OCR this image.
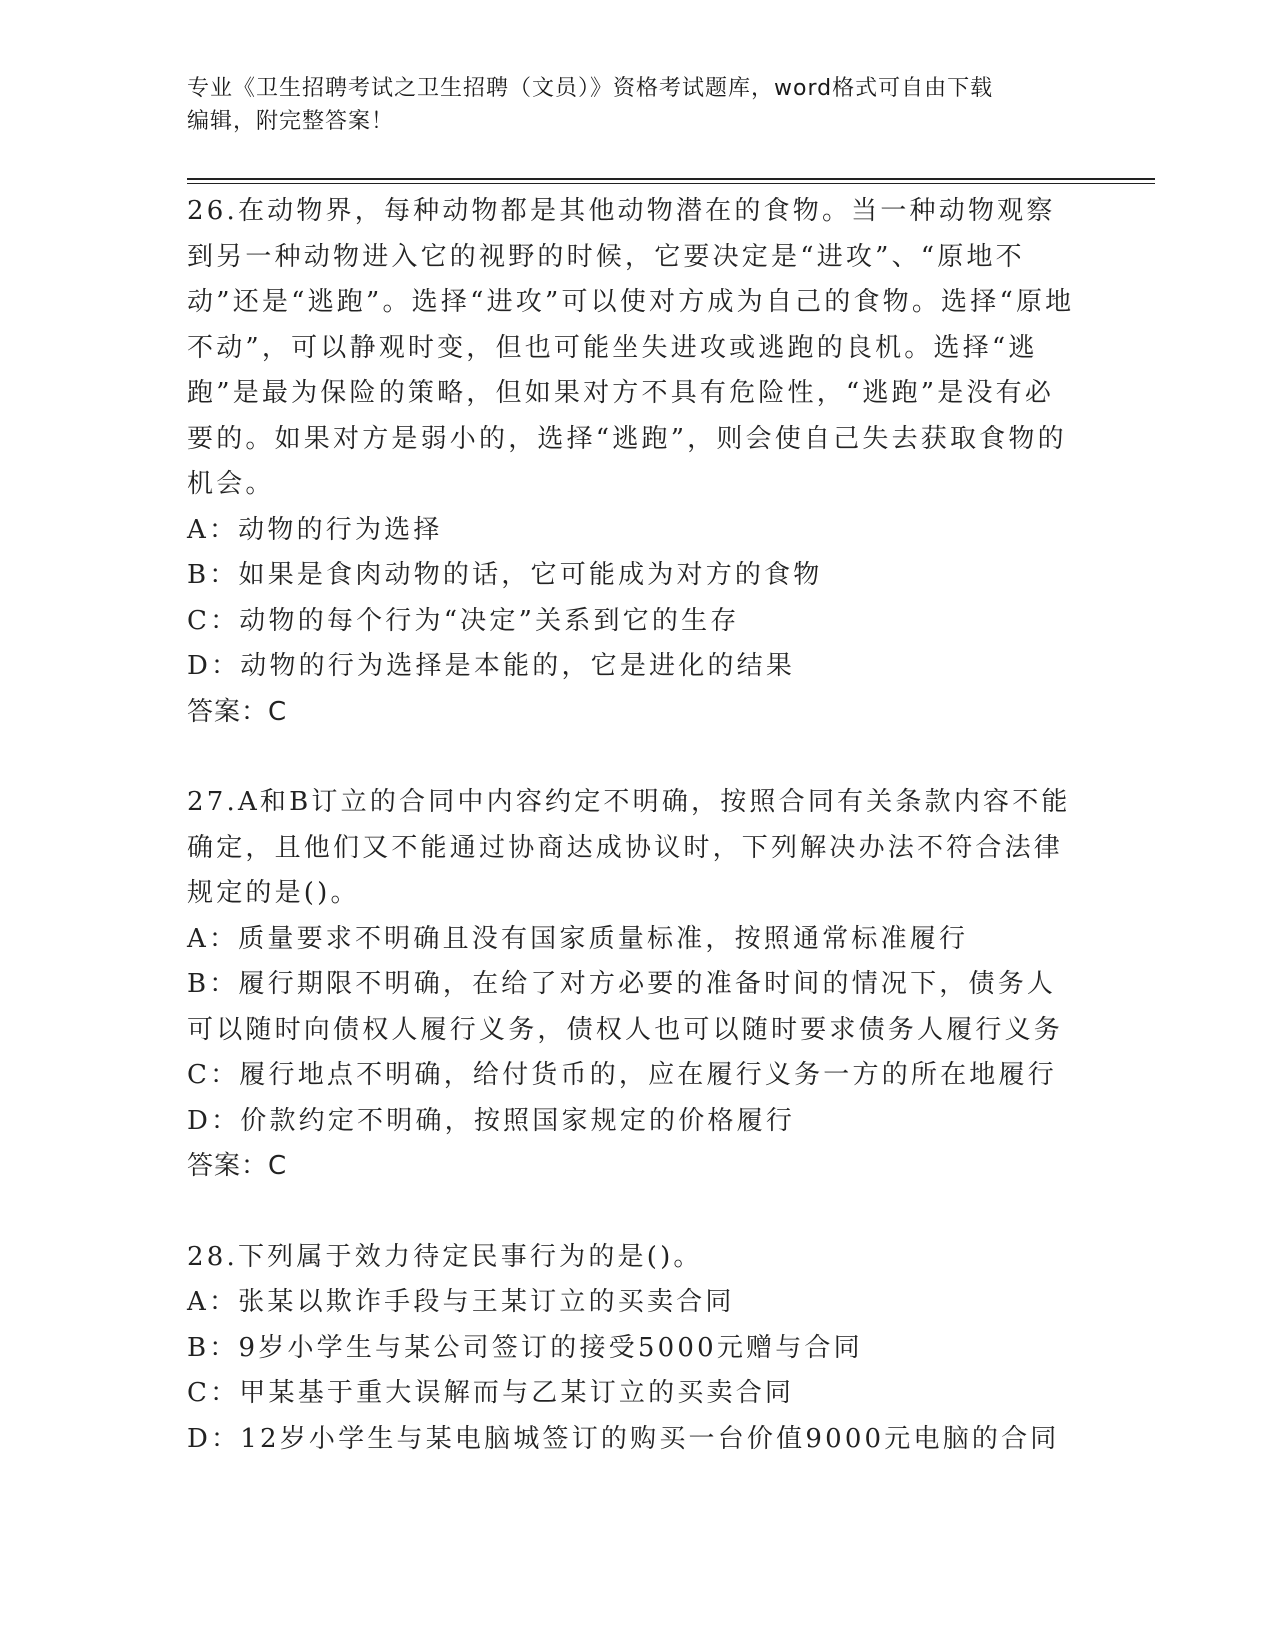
专业《卫生招聘考试之卫生招聘（文员）》资格考试题库，word格式可自由下载
编辑，附完整答案！

26.在动物界，每种动物都是其他动物潜在的食物。当一种动物观察到另一种动物进入它的视野的时候，它要决定是“进攻”、“原地不动”还是“逃跑”。选择“进攻”可以使对方成为自己的食物。选择“原地不动”，可以静观时变，但也可能坐失进攻或逃跑的良机。选择“逃跑”是最为保险的策略，但如果对方不具有危险性，“逃跑”是没有必要的。如果对方是弱小的，选择“逃跑”，则会使自己失去获取食物的机会。

A：动物的行为选择

B：如果是食肉动物的话，它可能成为对方的食物

C：动物的每个行为“决定”关系到它的生存

D：动物的行为选择是本能的，它是进化的结果

答案：C

27.A和B订立的合同中内容约定不明确，按照合同有关条款内容不能确定，且他们又不能通过协商达成协议时，下列解决办法不符合法律规定的是()。

A：质量要求不明确且没有国家质量标准，按照通常标准履行

B：履行期限不明确，在给了对方必要的准备时间的情况下，债务人可以随时向债权人履行义务，债权人也可以随时要求债务人履行义务

C：履行地点不明确，给付货币的，应在履行义务一方的所在地履行

D：价款约定不明确，按照国家规定的价格履行

答案：C

28.下列属于效力待定民事行为的是()。

A：张某以欺诈手段与王某订立的买卖合同

B：9岁小学生与某公司签订的接受5000元赠与合同

C：甲某基于重大误解而与乙某订立的买卖合同

D：12岁小学生与某电脑城签订的购买一台价值9000元电脑的合同
